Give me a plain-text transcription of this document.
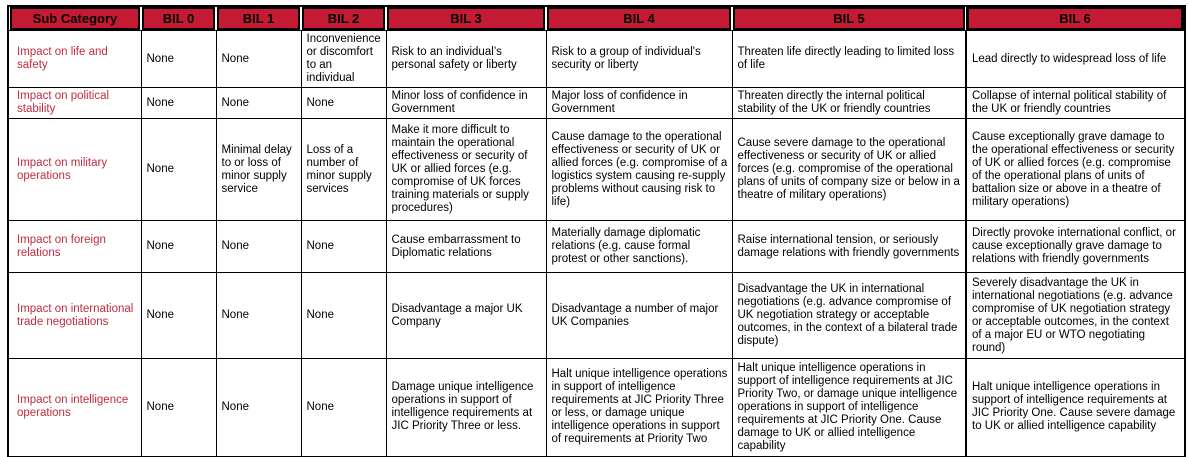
Sub Category	BIL 0	BIL 1	BIL 2	BIL 3	BIL 4	BIL 5	BIL 6

Impact on life and safety	None	None	Inconvenience or discomfort to an individual	Risk to an individual’s personal safety or liberty	Risk to a group of individual's security or liberty	Threaten life directly leading to limited loss of life	Lead directly to widespread loss of life
Impact on political stability	None	None	None	Minor loss of confidence in Government	Major loss of confidence in Government	Threaten directly the internal political stability of the UK or friendly countries	Collapse of internal political stability of the UK or friendly countries
Impact on military operations	None	Minimal delay to or loss of minor supply service	Loss of a number of minor supply services	Make it more difficult to maintain the operational effectiveness or security of UK or allied forces (e.g. compromise of UK forces training materials or supply procedures)	Cause damage to the operational effectiveness or security of UK or allied forces (e.g. compromise of a logistics system causing re-supply problems without causing risk to life)	Cause severe damage to the operational effectiveness or security of UK or allied forces (e.g. compromise of the operational plans of units of company size or below in a theatre of military operations)	Cause exceptionally grave damage to the operational effectiveness or security of UK or allied forces (e.g. compromise of the operational plans of units of battalion size or above in a theatre of military operations)
Impact on foreign relations	None	None	None	Cause embarrassment to Diplomatic relations	Materially damage diplomatic relations (e.g. cause formal protest or other sanctions).	Raise international tension, or seriously damage relations with friendly governments	Directly provoke international conflict, or cause exceptionally grave damage to relations with friendly governments
Impact on international trade negotiations	None	None	None	Disadvantage a major UK Company	Disadvantage a number of major UK Companies	Disadvantage the UK in international negotiations (e.g. advance compromise of UK negotiation strategy or acceptable outcomes, in the context of a bilateral trade dispute)	Severely disadvantage the UK in international negotiations (e.g. advance compromise of UK negotiation strategy or acceptable outcomes, in the context of a major EU or WTO negotiating round)
Impact on intelligence operations	None	None	None	Damage unique intelligence operations in support of intelligence requirements at JIC Priority Three or less.	Halt unique intelligence operations in support of intelligence requirements at JIC Priority Three or less, or damage unique intelligence operations in support of requirements at Priority Two	Halt unique intelligence operations in support of intelligence requirements at JIC Priority Two, or damage unique intelligence operations in support of intelligence requirements at JIC Priority One. Cause damage to UK or allied intelligence capability	Halt unique intelligence operations in support of intelligence requirements at JIC Priority One. Cause severe damage to UK or allied intelligence capability
